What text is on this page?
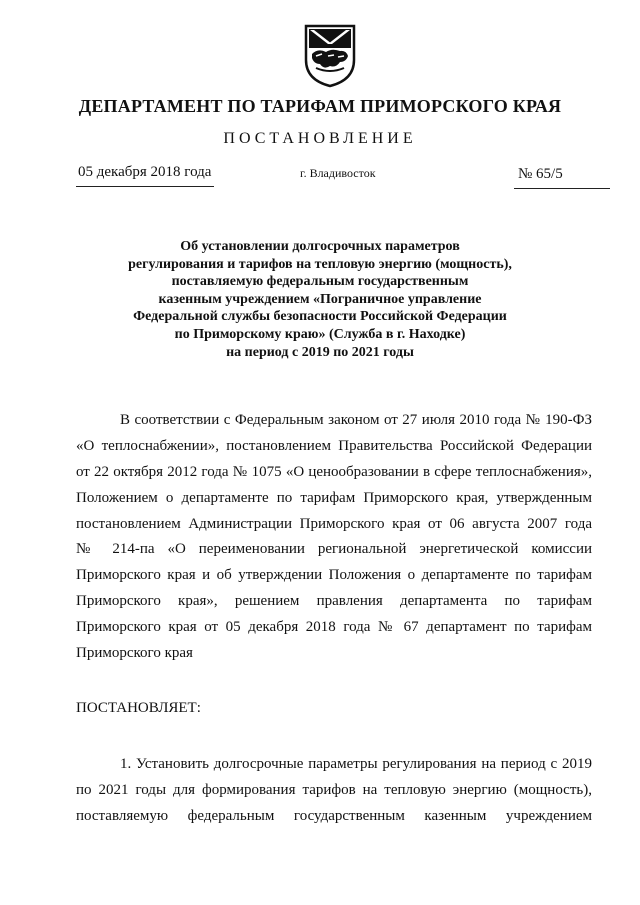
ДЕПАРТАМЕНТ ПО ТАРИФАМ ПРИМОРСКОГО КРАЯ
ПОСТАНОВЛЕНИЕ
05 декабря 2018 года	г. Владивосток	№ 65/5
Об установлении долгосрочных параметров
регулирования и тарифов на тепловую энергию (мощность),
поставляемую федеральным государственным
казенным учреждением «Пограничное управление
Федеральной службы безопасности Российской Федерации
по Приморскому краю» (Служба в г. Находке)
на период с 2019 по 2021 годы
В соответствии с Федеральным законом от 27 июля 2010 года № 190-ФЗ
«О теплоснабжении», постановлением Правительства Российской Федерации
от 22 октября 2012 года № 1075 «О ценообразовании в сфере теплоснабжения»,
Положением о департаменте по тарифам Приморского края, утвержденным
постановлением Администрации Приморского края от 06 августа 2007 года
№ 214-па «О переименовании региональной энергетической комиссии
Приморского края и об утверждении Положения о департаменте по тарифам
Приморского края», решением правления департамента по тарифам
Приморского края от 05 декабря 2018 года № 67 департамент по тарифам
Приморского края
ПОСТАНОВЛЯЕТ:
1. Установить долгосрочные параметры регулирования на период с 2019
по 2021 годы для формирования тарифов на тепловую энергию (мощность),
поставляемую федеральным государственным казенным учреждением
